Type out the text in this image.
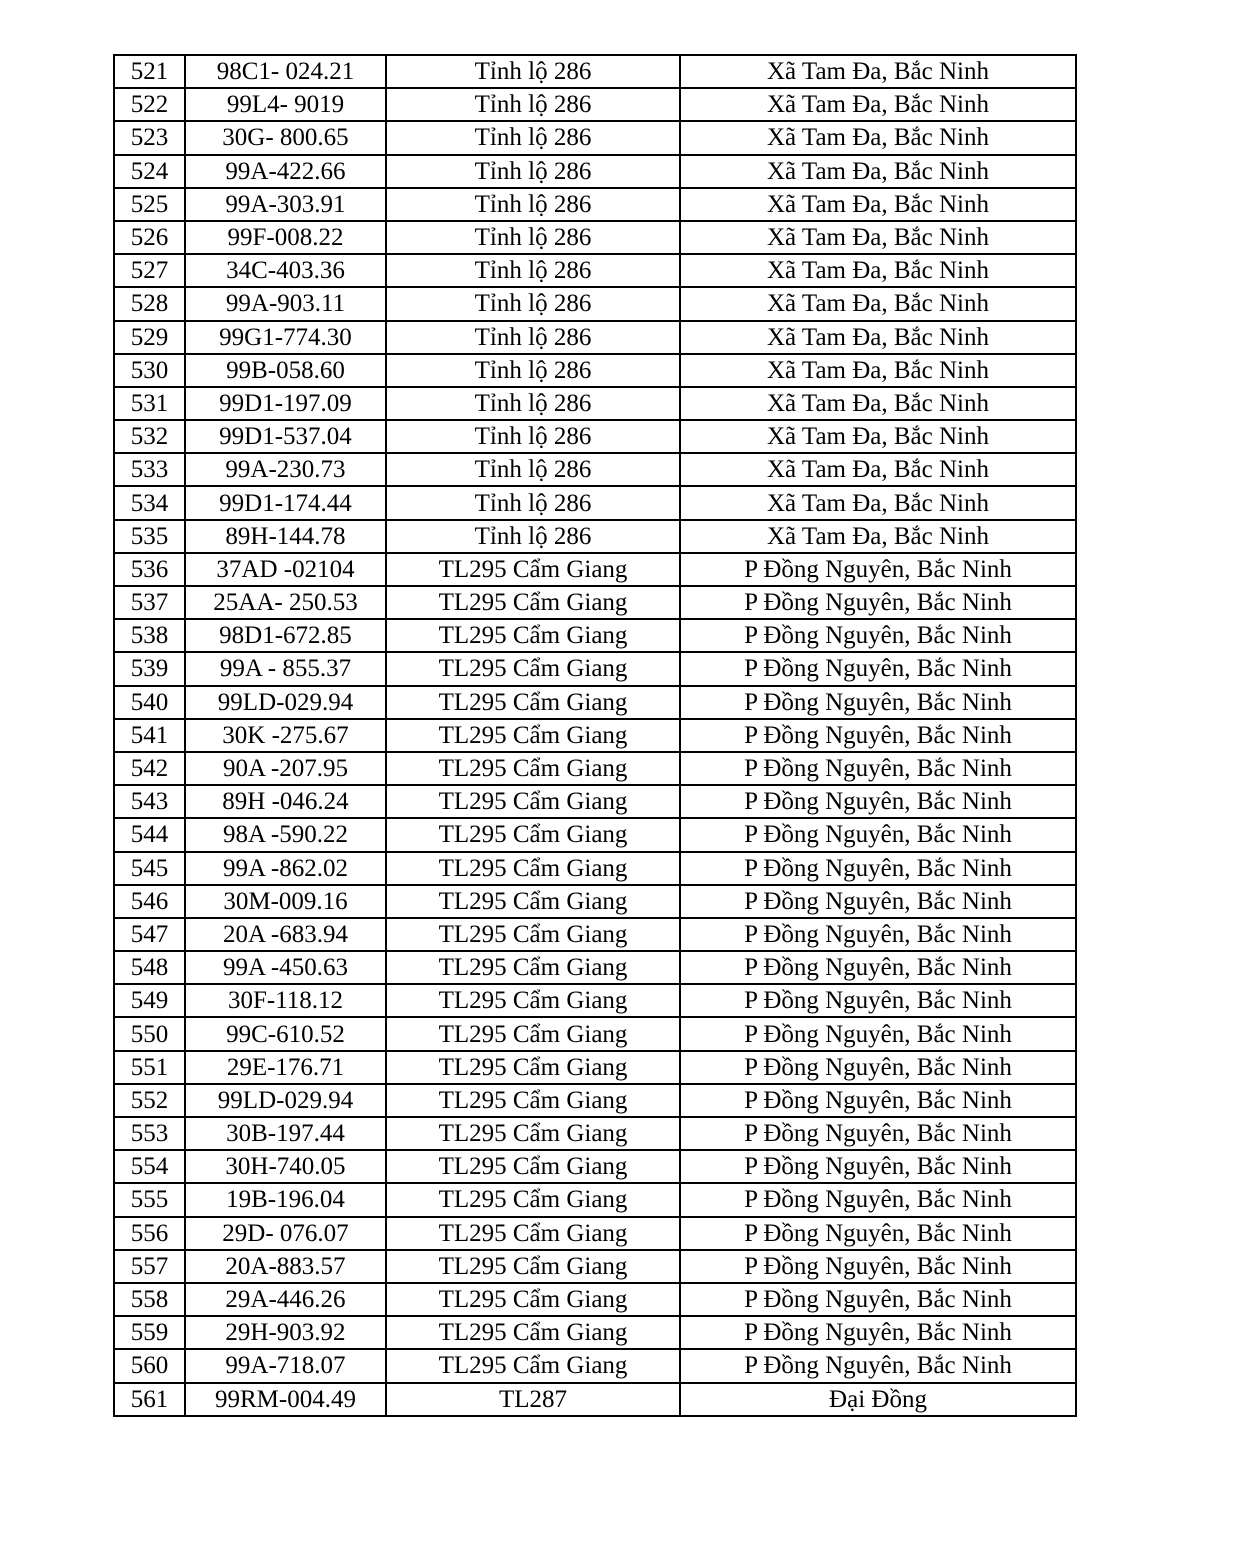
521	98C1- 024.21	Tỉnh lộ 286	Xã Tam Đa, Bắc Ninh
522	99L4- 9019	Tỉnh lộ 286	Xã Tam Đa, Bắc Ninh
523	30G- 800.65	Tỉnh lộ 286	Xã Tam Đa, Bắc Ninh
524	99A-422.66	Tỉnh lộ 286	Xã Tam Đa, Bắc Ninh
525	99A-303.91	Tỉnh lộ 286	Xã Tam Đa, Bắc Ninh
526	99F-008.22	Tỉnh lộ 286	Xã Tam Đa, Bắc Ninh
527	34C-403.36	Tỉnh lộ 286	Xã Tam Đa, Bắc Ninh
528	99A-903.11	Tỉnh lộ 286	Xã Tam Đa, Bắc Ninh
529	99G1-774.30	Tỉnh lộ 286	Xã Tam Đa, Bắc Ninh
530	99B-058.60	Tỉnh lộ 286	Xã Tam Đa, Bắc Ninh
531	99D1-197.09	Tỉnh lộ 286	Xã Tam Đa, Bắc Ninh
532	99D1-537.04	Tỉnh lộ 286	Xã Tam Đa, Bắc Ninh
533	99A-230.73	Tỉnh lộ 286	Xã Tam Đa, Bắc Ninh
534	99D1-174.44	Tỉnh lộ 286	Xã Tam Đa, Bắc Ninh
535	89H-144.78	Tỉnh lộ 286	Xã Tam Đa, Bắc Ninh
536	37AD -02104	TL295 Cẩm Giang	P Đồng Nguyên, Bắc Ninh
537	25AA- 250.53	TL295 Cẩm Giang	P Đồng Nguyên, Bắc Ninh
538	98D1-672.85	TL295 Cẩm Giang	P Đồng Nguyên, Bắc Ninh
539	99A - 855.37	TL295 Cẩm Giang	P Đồng Nguyên, Bắc Ninh
540	99LD-029.94	TL295 Cẩm Giang	P Đồng Nguyên, Bắc Ninh
541	30K -275.67	TL295 Cẩm Giang	P Đồng Nguyên, Bắc Ninh
542	90A -207.95	TL295 Cẩm Giang	P Đồng Nguyên, Bắc Ninh
543	89H -046.24	TL295 Cẩm Giang	P Đồng Nguyên, Bắc Ninh
544	98A -590.22	TL295 Cẩm Giang	P Đồng Nguyên, Bắc Ninh
545	99A -862.02	TL295 Cẩm Giang	P Đồng Nguyên, Bắc Ninh
546	30M-009.16	TL295 Cẩm Giang	P Đồng Nguyên, Bắc Ninh
547	20A -683.94	TL295 Cẩm Giang	P Đồng Nguyên, Bắc Ninh
548	99A -450.63	TL295 Cẩm Giang	P Đồng Nguyên, Bắc Ninh
549	30F-118.12	TL295 Cẩm Giang	P Đồng Nguyên, Bắc Ninh
550	99C-610.52	TL295 Cẩm Giang	P Đồng Nguyên, Bắc Ninh
551	29E-176.71	TL295 Cẩm Giang	P Đồng Nguyên, Bắc Ninh
552	99LD-029.94	TL295 Cẩm Giang	P Đồng Nguyên, Bắc Ninh
553	30B-197.44	TL295 Cẩm Giang	P Đồng Nguyên, Bắc Ninh
554	30H-740.05	TL295 Cẩm Giang	P Đồng Nguyên, Bắc Ninh
555	19B-196.04	TL295 Cẩm Giang	P Đồng Nguyên, Bắc Ninh
556	29D- 076.07	TL295 Cẩm Giang	P Đồng Nguyên, Bắc Ninh
557	20A-883.57	TL295 Cẩm Giang	P Đồng Nguyên, Bắc Ninh
558	29A-446.26	TL295 Cẩm Giang	P Đồng Nguyên, Bắc Ninh
559	29H-903.92	TL295 Cẩm Giang	P Đồng Nguyên, Bắc Ninh
560	99A-718.07	TL295 Cẩm Giang	P Đồng Nguyên, Bắc Ninh
561	99RM-004.49	TL287	Đại Đồng
